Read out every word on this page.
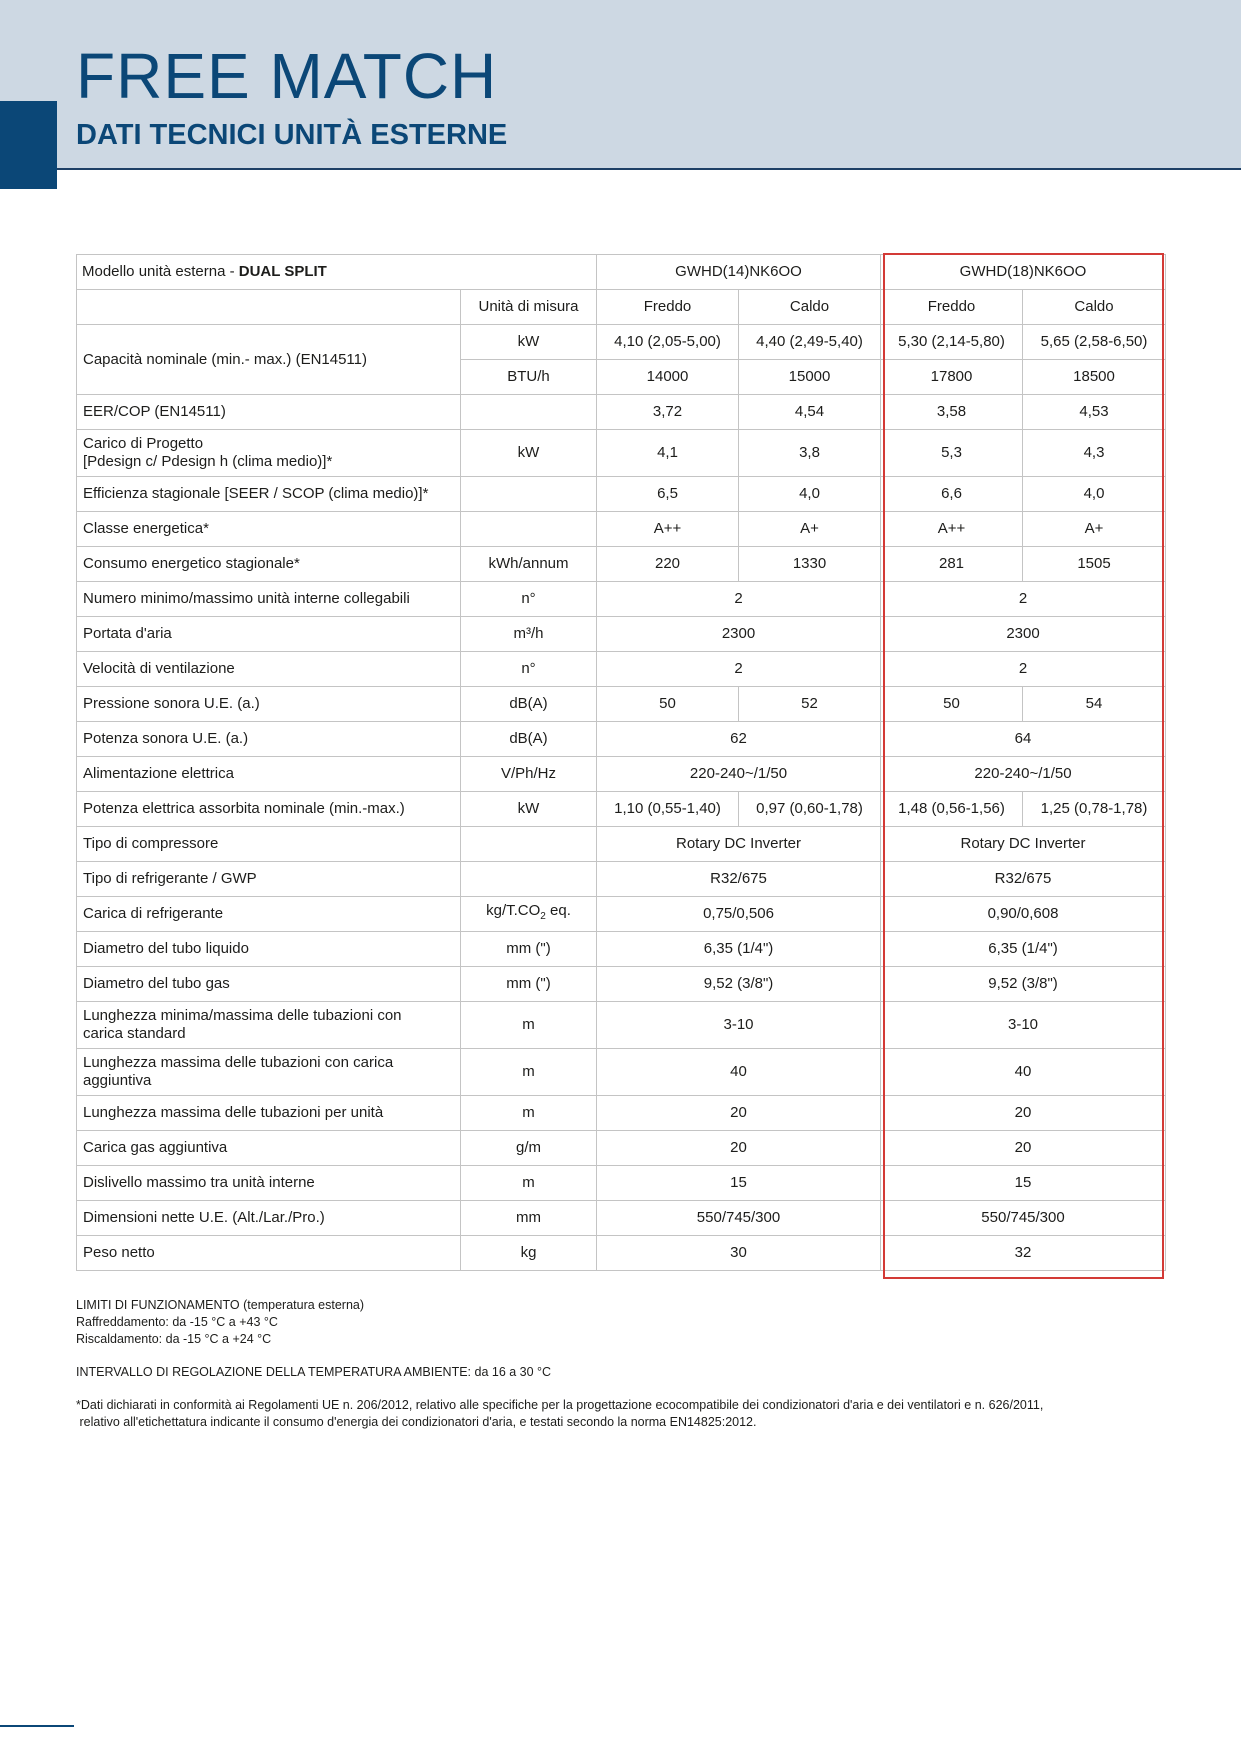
FREE MATCH
DATI TECNICI UNITÀ ESTERNE
Modello unità esterna - DUAL SPLIT		GWHD(14)NK6OO		GWHD(18)NK6OO	
	Unità di misura	Freddo	Caldo	Freddo	Caldo
Capacità nominale (min.- max.) (EN14511)	kW	4,10 (2,05-5,00)	4,40 (2,49-5,40)	5,30 (2,14-5,80)	5,65 (2,58-6,50)
	BTU/h	14000	15000	17800	18500
EER/COP (EN14511)		3,72	4,54	3,58	4,53
Carico di Progetto
[Pdesign c/ Pdesign h (clima medio)]*	kW	4,1	3,8	5,3	4,3
Efficienza stagionale [SEER / SCOP (clima medio)]*		6,5	4,0	6,6	4,0
Classe energetica*		A++	A+	A++	A+
Consumo energetico stagionale*	kWh/annum	220	1330	281	1505
Numero minimo/massimo unità interne collegabili	n°	2		2	
Portata d'aria	m³/h	2300		2300	
Velocità di ventilazione	n°	2		2	
Pressione sonora U.E. (a.)	dB(A)	50	52	50	54
Potenza sonora U.E. (a.)	dB(A)	62		64	
Alimentazione elettrica	V/Ph/Hz	220-240~/1/50		220-240~/1/50	
Potenza elettrica assorbita nominale (min.-max.)	kW	1,10 (0,55-1,40)	0,97 (0,60-1,78)	1,48 (0,56-1,56)	1,25 (0,78-1,78)
Tipo di compressore		Rotary DC Inverter		Rotary DC Inverter	
Tipo di refrigerante / GWP		R32/675		R32/675	
Carica di refrigerante	$kg/T.CO_2$ eq.	0,75/0,506		0,90/0,608	
Diametro del tubo liquido	mm (")	6,35 (1/4")		6,35 (1/4")	
Diametro del tubo gas	mm (")	9,52 (3/8")		9,52 (3/8")	
Lunghezza minima/massima delle tubazioni con
carica standard	m	3-10		3-10	
Lunghezza massima delle tubazioni con carica
aggiuntiva	m	40		40	
Lunghezza massima delle tubazioni per unità	m	20		20	
Carica gas aggiuntiva	g/m	20		20	
Dislivello massimo tra unità interne	m	15		15	
Dimensioni nette U.E. (Alt./Lar./Pro.)	mm	550/745/300		550/745/300	
Peso netto	kg	30		32	

LIMITI DI FUNZIONAMENTO (temperatura esterna)

Raffreddamento: da -15 °C a +43 °C

Riscaldamento: da -15 °C a +24 °C

INTERVALLO DI REGOLAZIONE DELLA TEMPERATURA AMBIENTE: da 16 a 30 °C

*Dati dichiarati in conformità ai Regolamenti UE n. 206/2012, relativo alle specifiche per la progettazione ecocompatibile dei condizionatori d'aria e dei ventilatori e n. 626/2011,

relativo all'etichettatura indicante il consumo d'energia dei condizionatori d'aria, e testati secondo la norma EN14825:2012.
